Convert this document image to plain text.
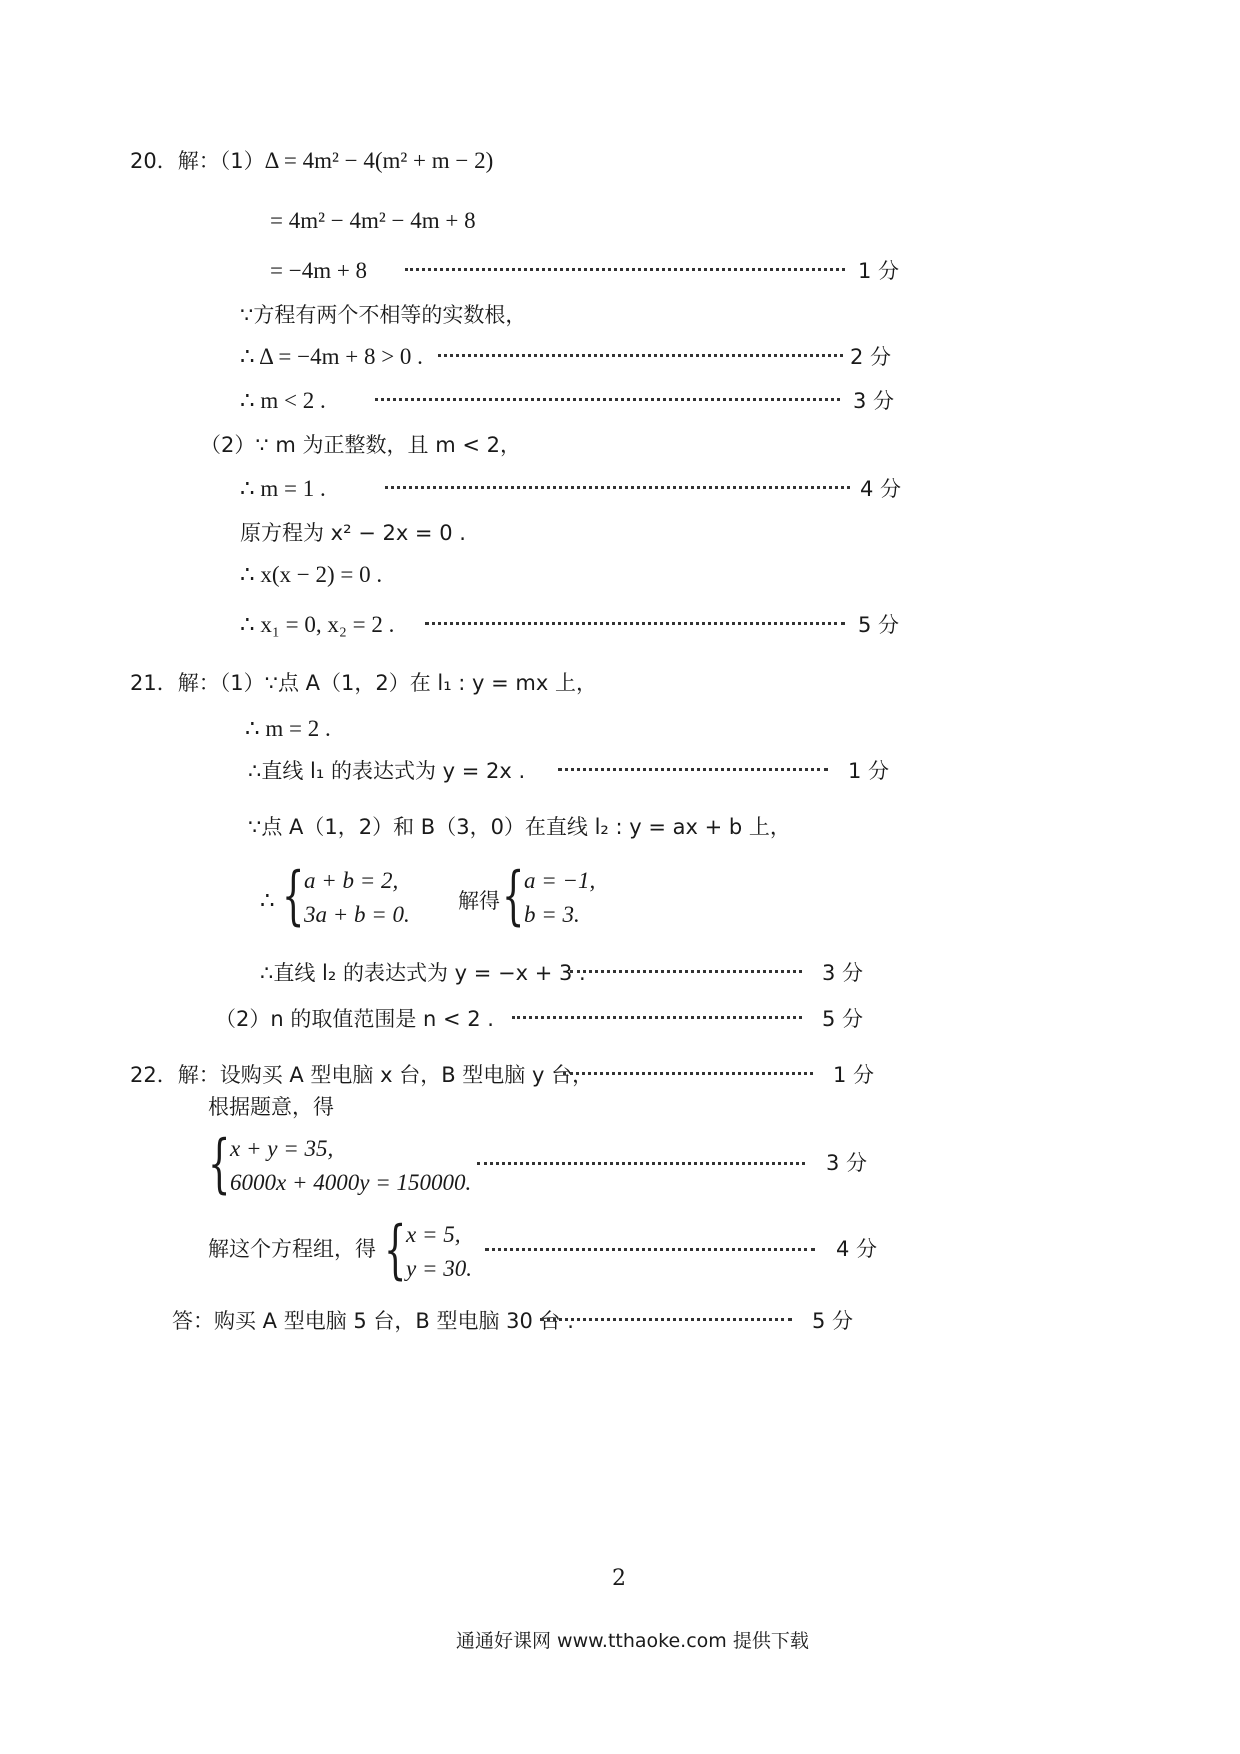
20．解：（1）Δ = 4m² − 4(m² + m − 2)
= 4m² − 4m² − 4m + 8
= −4m + 8	1 分
∵方程有两个不相等的实数根，
∴ Δ = −4m + 8 > 0 .	2 分
∴ m < 2 .	3 分
（2）∵ m 为正整数，且 m < 2，
∴ m = 1 .	4 分
原方程为 x² − 2x = 0 .
∴ x(x − 2) = 0 .
∴ x₁ = 0, x₂ = 2 .	5 分
21．解：（1）∵点 A（1，2）在 l₁ : y = mx 上，
∴ m = 2 .
∴直线 l₁ 的表达式为 y = 2x .	1 分
∵点 A（1，2）和 B（3，0）在直线 l₂ : y = ax + b 上，
∴ { a + b = 2,
3a + b = 0.
解得 { a = −1,
b = 3.
∴直线 l₂ 的表达式为 y = −x + 3 .	3 分
（2）n 的取值范围是 n < 2 .	5 分
22．解：设购买 A 型电脑 x 台，B 型电脑 y 台，	1 分
根据题意，得
{ x + y = 35,
6000x + 4000y = 150000.
3 分
解这个方程组，得 { x = 5,
y = 30.
4 分
答：购买 A 型电脑 5 台，B 型电脑 30 台 .	5 分
2
通通好课网 www.tthaoke.com 提供下载
